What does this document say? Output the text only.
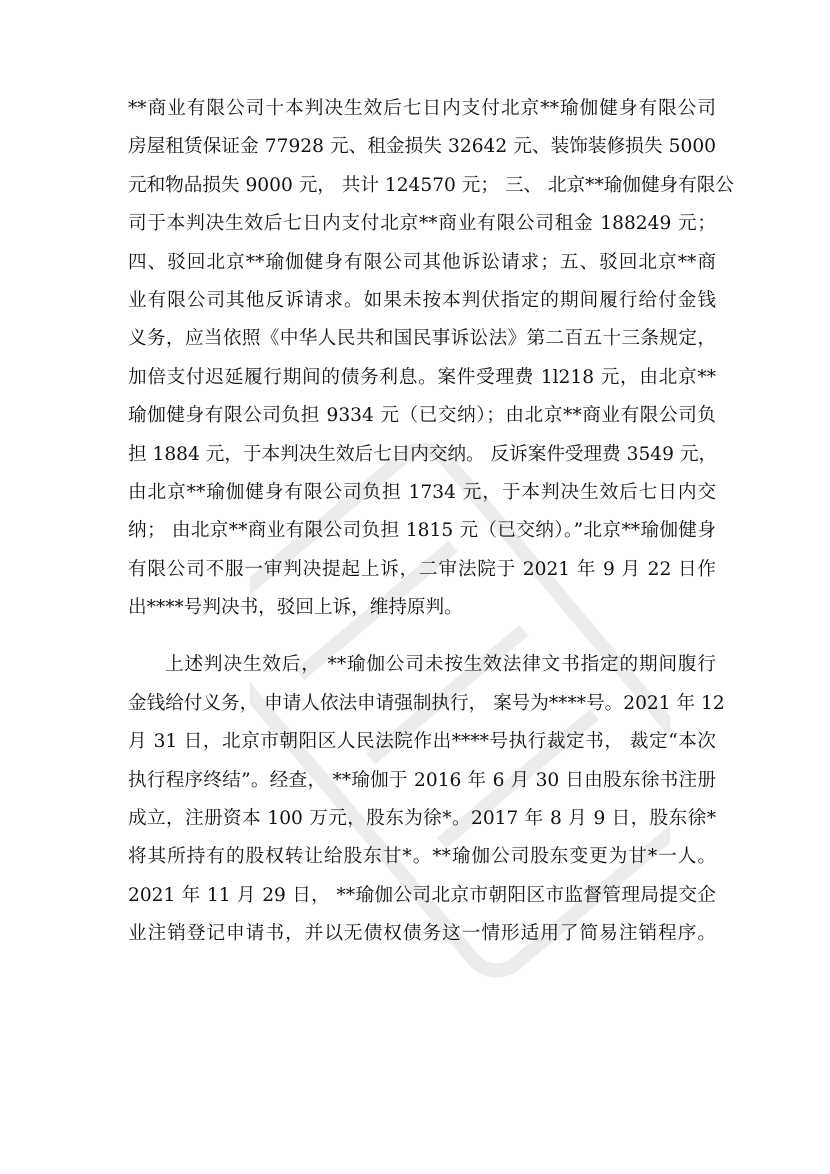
**商业有限公司十本判决生效后七日内支付北京**瑜伽健身有限公司
房屋租赁保证金 77928 元、租金损失 32642 元、装饰装修损失 5000
元和物品损失 9000 元， 共计 124570 元； 三、 北京**瑜伽健身有限公
司于本判决生效后七日内支付北京**商业有限公司租金 188249 元；
四、驳回北京**瑜伽健身有限公司其他诉讼请求；五、驳回北京**商
业有限公司其他反诉请求。如果未按本判伏指定的期间履行给付金钱
义务，应当依照《中华人民共和国民事诉讼法》第二百五十三条规定，
加倍支付迟延履行期间的债务利息。案件受理费 1l218 元，由北京**
瑜伽健身有限公司负担 9334 元（已交纳）；由北京**商业有限公司负
担 1884 元，于本判决生效后七日内交纳。 反诉案件受理费 3549 元，
由北京**瑜伽健身有限公司负担 1734 元，于本判决生效后七日内交
纳； 由北京**商业有限公司负担 1815 元（已交纳）。”北京**瑜伽健身
有限公司不服一审判决提起上诉，二审法院于 2021 年 9 月 22 日作
出****号判决书，驳回上诉，维持原判。
上述判决生效后， **瑜伽公司未按生效法律文书指定的期间腹行
金钱给付义务， 申请人依法申请强制执行， 案号为****号。2021 年 12
月 31 日，北京市朝阳区人民法院作出****号执行裁定书， 裁定“本次
执行程序终结”。经查， **瑜伽于 2016 年 6 月 30 日由股东徐书注册
成立，注册资本 100 万元，股东为徐*。2017 年 8 月 9 日，股东徐*
将其所持有的股权转让给股东甘*。**瑜伽公司股东变更为甘*一人。
2021 年 11 月 29 日， **瑜伽公司北京市朝阳区市监督管理局提交企
业注销登记申请书，并以无债权债务这一情形适用了简易注销程序。
